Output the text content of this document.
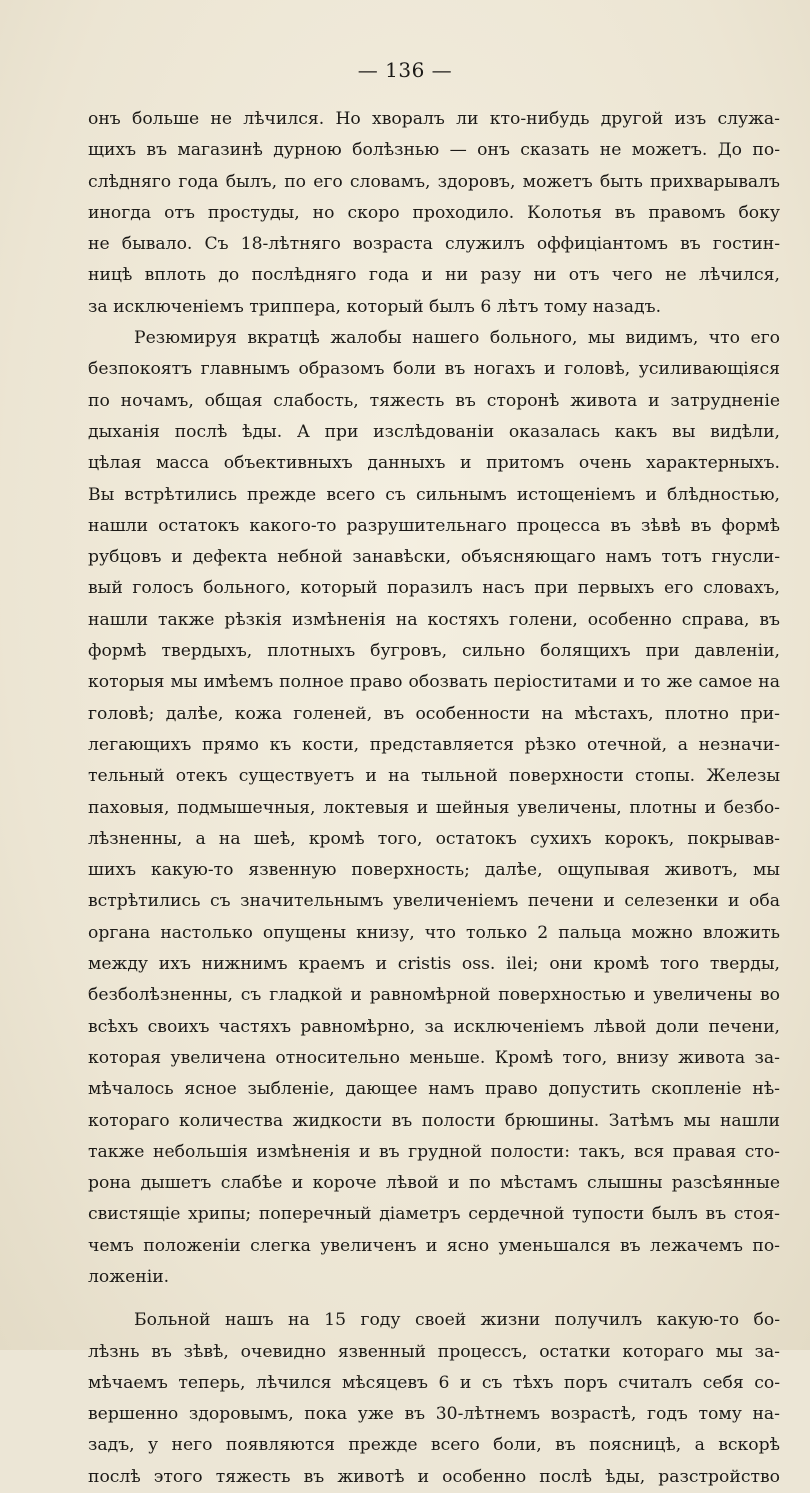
— 136 —
онъ больше не лѣчился. Но хворалъ ли кто-нибудь другой изъ служа-
щихъ въ магазинѣ дурною болѣзнью — онъ сказать не можетъ. До по-
слѣдняго года былъ, по его словамъ, здоровъ, можетъ быть прихварывалъ
иногда отъ простуды, но скоро проходило. Колотья въ правомъ боку
не бывало. Съ 18-лѣтняго возраста служилъ оффиціантомъ въ гостин-
ницѣ вплоть до послѣдняго года и ни разу ни отъ чего не лѣчился,
за исключеніемъ триппера, который былъ 6 лѣтъ тому назадъ.
Резюмируя вкратцѣ жалобы нашего больного, мы видимъ, что его
безпокоятъ главнымъ образомъ боли въ ногахъ и головѣ, усиливающіяся
по ночамъ, общая слабость, тяжесть въ сторонѣ живота и затрудненіе
дыханія послѣ ѣды. А при изслѣдованіи оказалась какъ вы видѣли,
цѣлая масса объективныхъ данныхъ и притомъ очень характерныхъ.
Вы встрѣтились прежде всего съ сильнымъ истощеніемъ и блѣдностью,
нашли остатокъ какого-то разрушительнаго процесса въ зѣвѣ въ формѣ
рубцовъ и дефекта небной занавѣски, объясняющаго намъ тотъ гнусли-
вый голосъ больного, который поразилъ насъ при первыхъ его словахъ,
нашли также рѣзкія измѣненія на костяхъ голени, особенно справа, въ
формѣ твердыхъ, плотныхъ бугровъ, сильно болящихъ при давленіи,
которыя мы имѣемъ полное право обозвать періоститами и то же самое на
головѣ; далѣе, кожа голеней, въ особенности на мѣстахъ, плотно при-
легающихъ прямо къ кости, представляется рѣзко отечной, а незначи-
тельный отекъ существуетъ и на тыльной поверхности стопы. Железы
паховыя, подмышечныя, локтевыя и шейныя увеличены, плотны и безбо-
лѣзненны, а на шеѣ, кромѣ того, остатокъ сухихъ корокъ, покрывав-
шихъ какую-то язвенную поверхность; далѣе, ощупывая животъ, мы
встрѣтились съ значительнымъ увеличеніемъ печени и селезенки и оба
органа настолько опущены книзу, что только 2 пальца можно вложить
между ихъ нижнимъ краемъ и cristis oss. ilei; они кромѣ того тверды,
безболѣзненны, съ гладкой и равномѣрной поверхностью и увеличены во
всѣхъ своихъ частяхъ равномѣрно, за исключеніемъ лѣвой доли печени,
которая увеличена относительно меньше. Кромѣ того, внизу живота за-
мѣчалось ясное зыбленіе, дающее намъ право допустить скопленіе нѣ-
котораго количества жидкости въ полости брюшины. Затѣмъ мы нашли
также небольшія измѣненія и въ грудной полости: такъ, вся правая сто-
рона дышетъ слабѣе и короче лѣвой и по мѣстамъ слышны разсѣянные
свистящіе хрипы; поперечный діаметръ сердечной тупости былъ въ стоя-
чемъ положеніи слегка увеличенъ и ясно уменьшался въ лежачемъ по-
ложеніи.
Больной нашъ на 15 году своей жизни получилъ какую-то бо-
лѣзнь въ зѣвѣ, очевидно язвенный процессъ, остатки котораго мы за-
мѣчаемъ теперь, лѣчился мѣсяцевъ 6 и съ тѣхъ поръ считалъ себя со-
вершенно здоровымъ, пока уже въ 30-лѣтнемъ возрастѣ, годъ тому на-
задъ, у него появляются прежде всего боли, въ поясницѣ, а вскорѣ
послѣ этого тяжесть въ животѣ и особенно послѣ ѣды, разстройство
